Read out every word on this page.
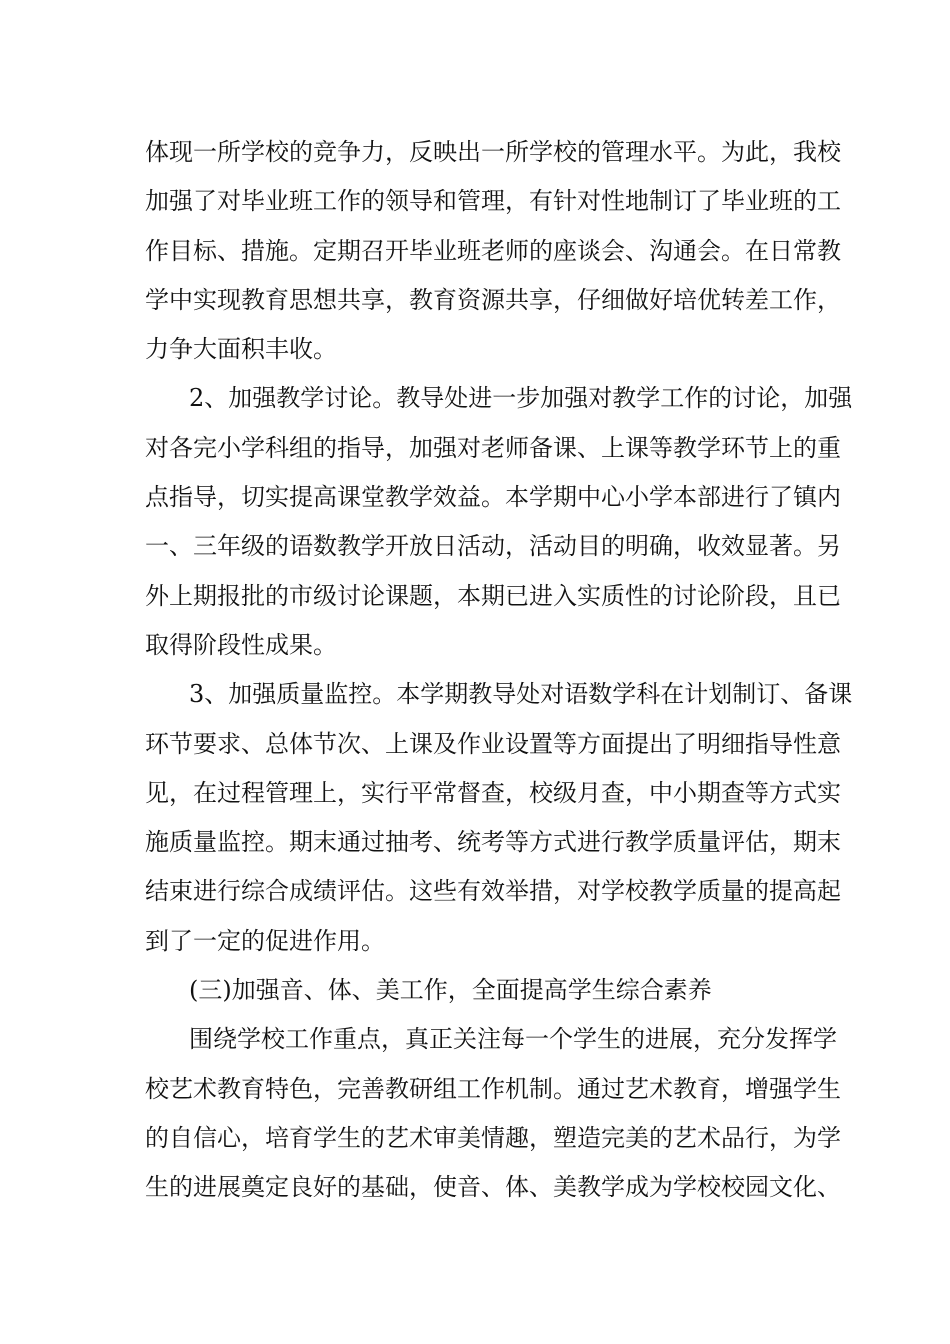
体现一所学校的竞争力，反映出一所学校的管理水平。为此，我校
加强了对毕业班工作的领导和管理，有针对性地制订了毕业班的工
作目标、措施。定期召开毕业班老师的座谈会、沟通会。在日常教
学中实现教育思想共享，教育资源共享，仔细做好培优转差工作，
力争大面积丰收。
2、加强教学讨论。教导处进一步加强对教学工作的讨论，加强
对各完小学科组的指导，加强对老师备课、上课等教学环节上的重
点指导，切实提高课堂教学效益。本学期中心小学本部进行了镇内
一、三年级的语数教学开放日活动，活动目的明确，收效显著。另
外上期报批的市级讨论课题，本期已进入实质性的讨论阶段，且已
取得阶段性成果。
3、加强质量监控。本学期教导处对语数学科在计划制订、备课
环节要求、总体节次、上课及作业设置等方面提出了明细指导性意
见，在过程管理上，实行平常督查，校级月查，中小期查等方式实
施质量监控。期末通过抽考、统考等方式进行教学质量评估，期末
结束进行综合成绩评估。这些有效举措，对学校教学质量的提高起
到了一定的促进作用。
(三)加强音、体、美工作，全面提高学生综合素养
围绕学校工作重点，真正关注每一个学生的进展，充分发挥学
校艺术教育特色，完善教研组工作机制。通过艺术教育，增强学生
的自信心，培育学生的艺术审美情趣，塑造完美的艺术品行，为学
生的进展奠定良好的基础，使音、体、美教学成为学校校园文化、
